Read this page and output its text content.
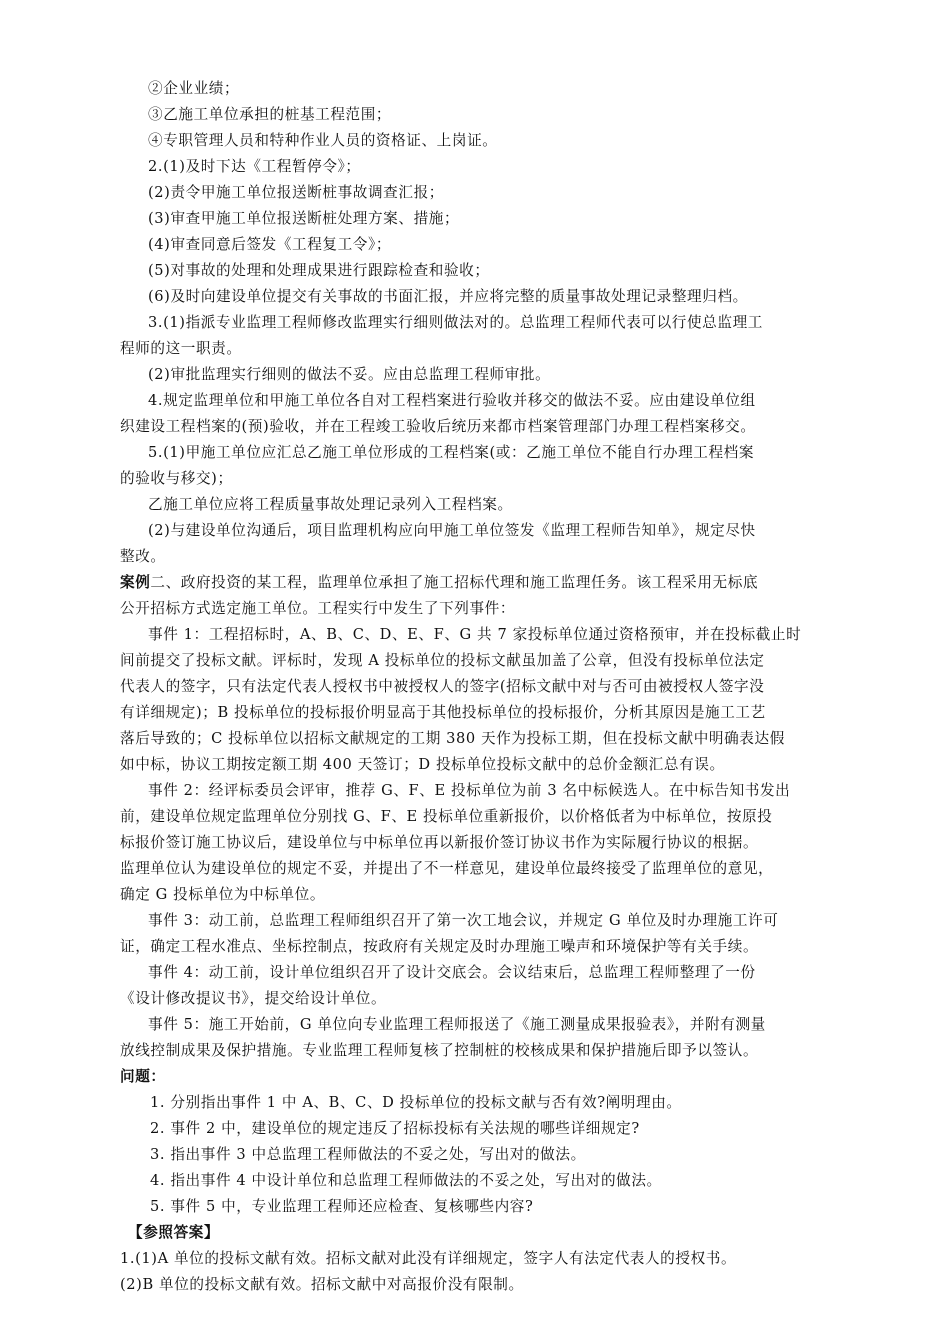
②企业业绩；
③乙施工单位承担的桩基工程范围；
④专职管理人员和特种作业人员的资格证、上岗证。
2.(1)及时下达《工程暂停令》；
(2)责令甲施工单位报送断桩事故调查汇报；
(3)审查甲施工单位报送断桩处理方案、措施；
(4)审查同意后签发《工程复工令》；
(5)对事故的处理和处理成果进行跟踪检查和验收；
(6)及时向建设单位提交有关事故的书面汇报，并应将完整的质量事故处理记录整理归档。
3.(1)指派专业监理工程师修改监理实行细则做法对的。总监理工程师代表可以行使总监理工
程师的这一职责。
(2)审批监理实行细则的做法不妥。应由总监理工程师审批。
4.规定监理单位和甲施工单位各自对工程档案进行验收并移交的做法不妥。应由建设单位组
织建设工程档案的(预)验收，并在工程竣工验收后统历来都市档案管理部门办理工程档案移交。
5.(1)甲施工单位应汇总乙施工单位形成的工程档案(或：乙施工单位不能自行办理工程档案
的验收与移交)；
乙施工单位应将工程质量事故处理记录列入工程档案。
(2)与建设单位沟通后，项目监理机构应向甲施工单位签发《监理工程师告知单》，规定尽快
整改。
案例二、政府投资的某工程，监理单位承担了施工招标代理和施工监理任务。该工程采用无标底
公开招标方式选定施工单位。工程实行中发生了下列事件：
事件 1：工程招标时，A、B、C、D、E、F、G 共 7 家投标单位通过资格预审，并在投标截止时
间前提交了投标文献。评标时，发现 A 投标单位的投标文献虽加盖了公章，但没有投标单位法定
代表人的签字，只有法定代表人授权书中被授权人的签字(招标文献中对与否可由被授权人签字没
有详细规定)；B 投标单位的投标报价明显高于其他投标单位的投标报价，分析其原因是施工工艺
落后导致的；C 投标单位以招标文献规定的工期 380 天作为投标工期，但在投标文献中明确表达假
如中标，协议工期按定额工期 400 天签订；D 投标单位投标文献中的总价金额汇总有误。
事件 2：经评标委员会评审，推荐 G、F、E 投标单位为前 3 名中标候选人。在中标告知书发出
前，建设单位规定监理单位分别找 G、F、E 投标单位重新报价，以价格低者为中标单位，按原投
标报价签订施工协议后，建设单位与中标单位再以新报价签订协议书作为实际履行协议的根据。
监理单位认为建设单位的规定不妥，并提出了不一样意见，建设单位最终接受了监理单位的意见，
确定 G 投标单位为中标单位。
事件 3：动工前，总监理工程师组织召开了第一次工地会议，并规定 G 单位及时办理施工许可
证，确定工程水准点、坐标控制点，按政府有关规定及时办理施工噪声和环境保护等有关手续。
事件 4：动工前，设计单位组织召开了设计交底会。会议结束后，总监理工程师整理了一份
《设计修改提议书》，提交给设计单位。
事件 5：施工开始前，G 单位向专业监理工程师报送了《施工测量成果报验表》，并附有测量
放线控制成果及保护措施。专业监理工程师复核了控制桩的校核成果和保护措施后即予以签认。
问题：
1. 分别指出事件 1 中 A、B、C、D 投标单位的投标文献与否有效?阐明理由。
2. 事件 2 中，建设单位的规定违反了招标投标有关法规的哪些详细规定?
3. 指出事件 3 中总监理工程师做法的不妥之处，写出对的做法。
4. 指出事件 4 中设计单位和总监理工程师做法的不妥之处，写出对的做法。
5. 事件 5 中，专业监理工程师还应检查、复核哪些内容?
【参照答案】
1.(1)A 单位的投标文献有效。招标文献对此没有详细规定，签字人有法定代表人的授权书。
(2)B 单位的投标文献有效。招标文献中对高报价没有限制。
